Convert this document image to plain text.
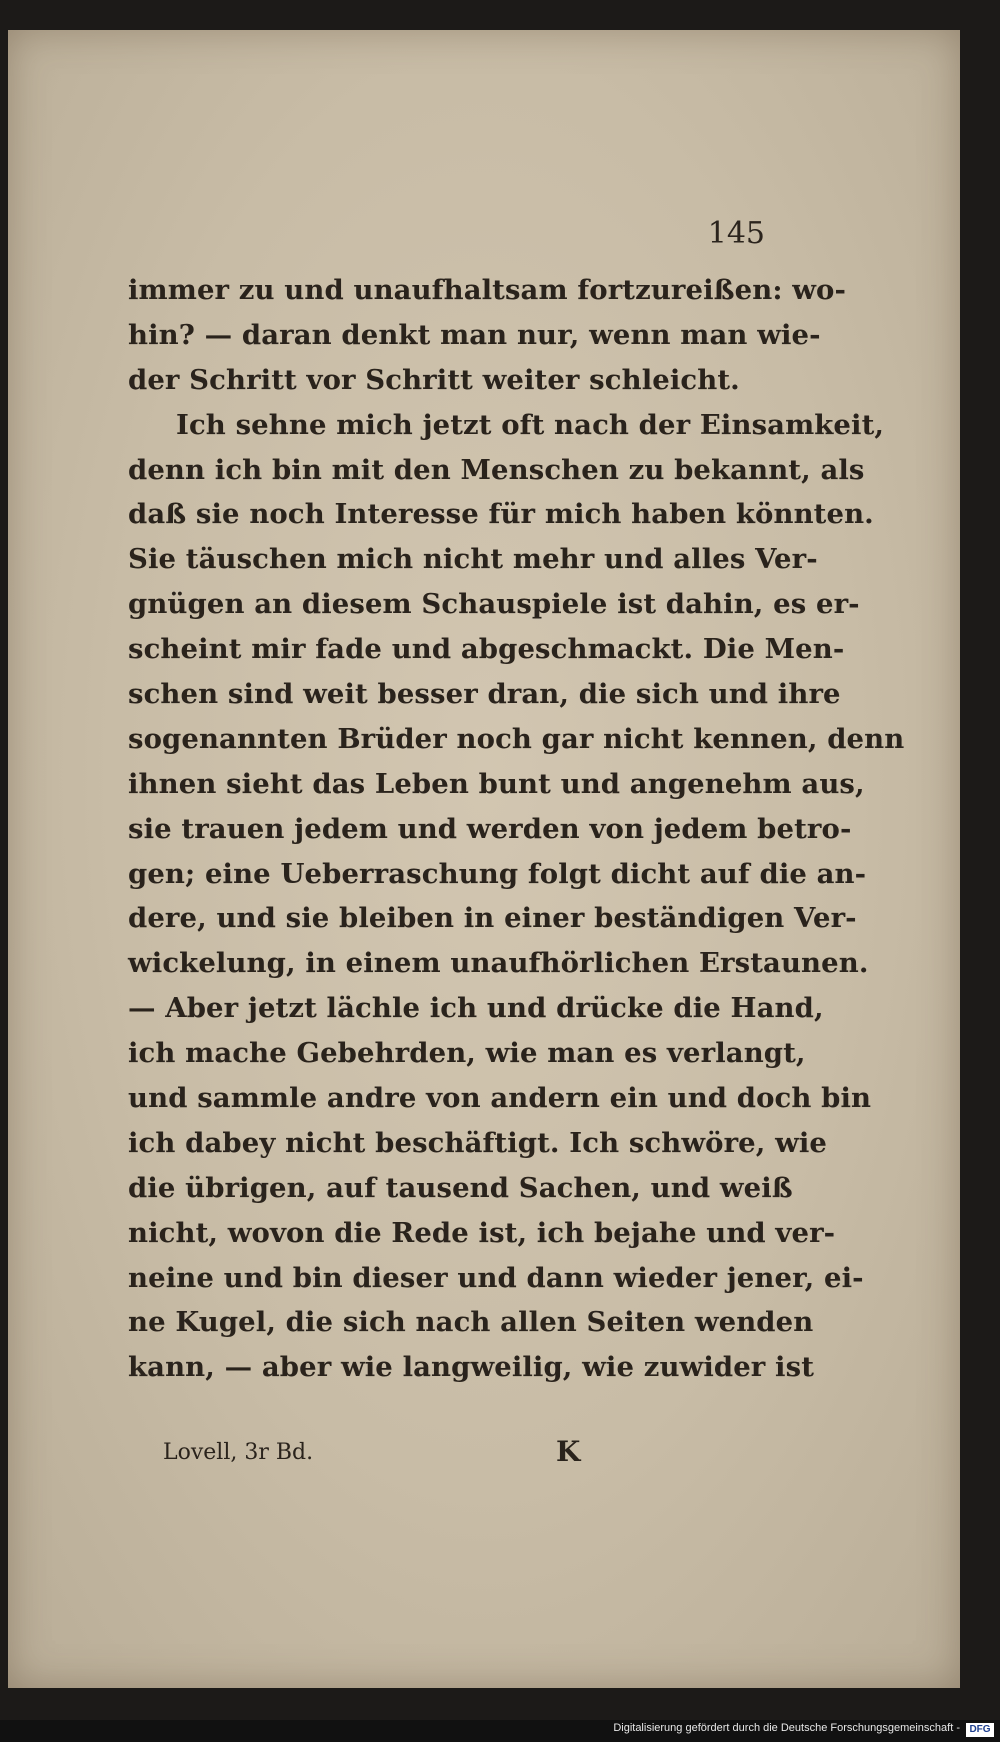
145
immer zu und unaufhaltsam fortzureißen: wo-
hin? — daran denkt man nur, wenn man wie-
der Schritt vor Schritt weiter schleicht.
Ich sehne mich jetzt oft nach der Einsamkeit,
denn ich bin mit den Menschen zu bekannt, als
daß sie noch Interesse für mich haben könnten.
Sie täuschen mich nicht mehr und alles Ver-
gnügen an diesem Schauspiele ist dahin, es er-
scheint mir fade und abgeschmackt. Die Men-
schen sind weit besser dran, die sich und ihre
sogenannten Brüder noch gar nicht kennen, denn
ihnen sieht das Leben bunt und angenehm aus,
sie trauen jedem und werden von jedem betro-
gen; eine Ueberraschung folgt dicht auf die an-
dere, und sie bleiben in einer beständigen Ver-
wickelung, in einem unaufhörlichen Erstaunen.
— Aber jetzt lächle ich und drücke die Hand,
ich mache Gebehrden, wie man es verlangt,
und sammle andre von andern ein und doch bin
ich dabey nicht beschäftigt. Ich schwöre, wie
die übrigen, auf tausend Sachen, und weiß
nicht, wovon die Rede ist, ich bejahe und ver-
neine und bin dieser und dann wieder jener, ei-
ne Kugel, die sich nach allen Seiten wenden
kann, — aber wie langweilig, wie zuwider ist
Lovell, 3r Bd.	K
Digitalisierung gefördert durch die Deutsche Forschungsgemeinschaft - DFG
